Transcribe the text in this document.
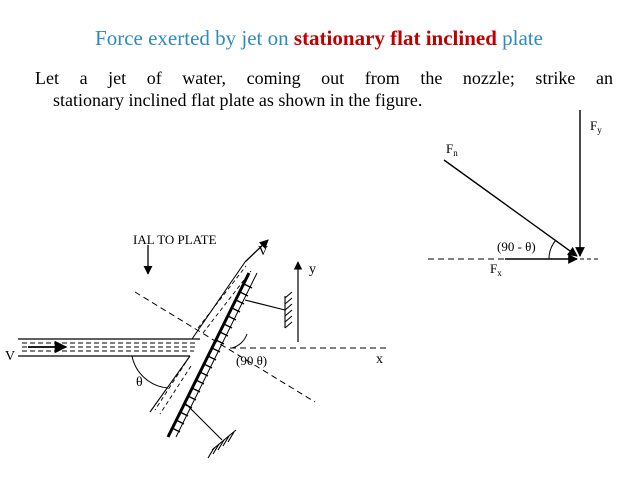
Force exerted by jet on stationary flat inclined plate
Let a jet of water, coming out from the nozzle; strike an
stationary inclined flat plate as shown in the figure.
IAL TO PLATE
V
V
y
x
(90 θ)
θ
$F_y$
$F_n$
$F_x$
(90 - θ)
